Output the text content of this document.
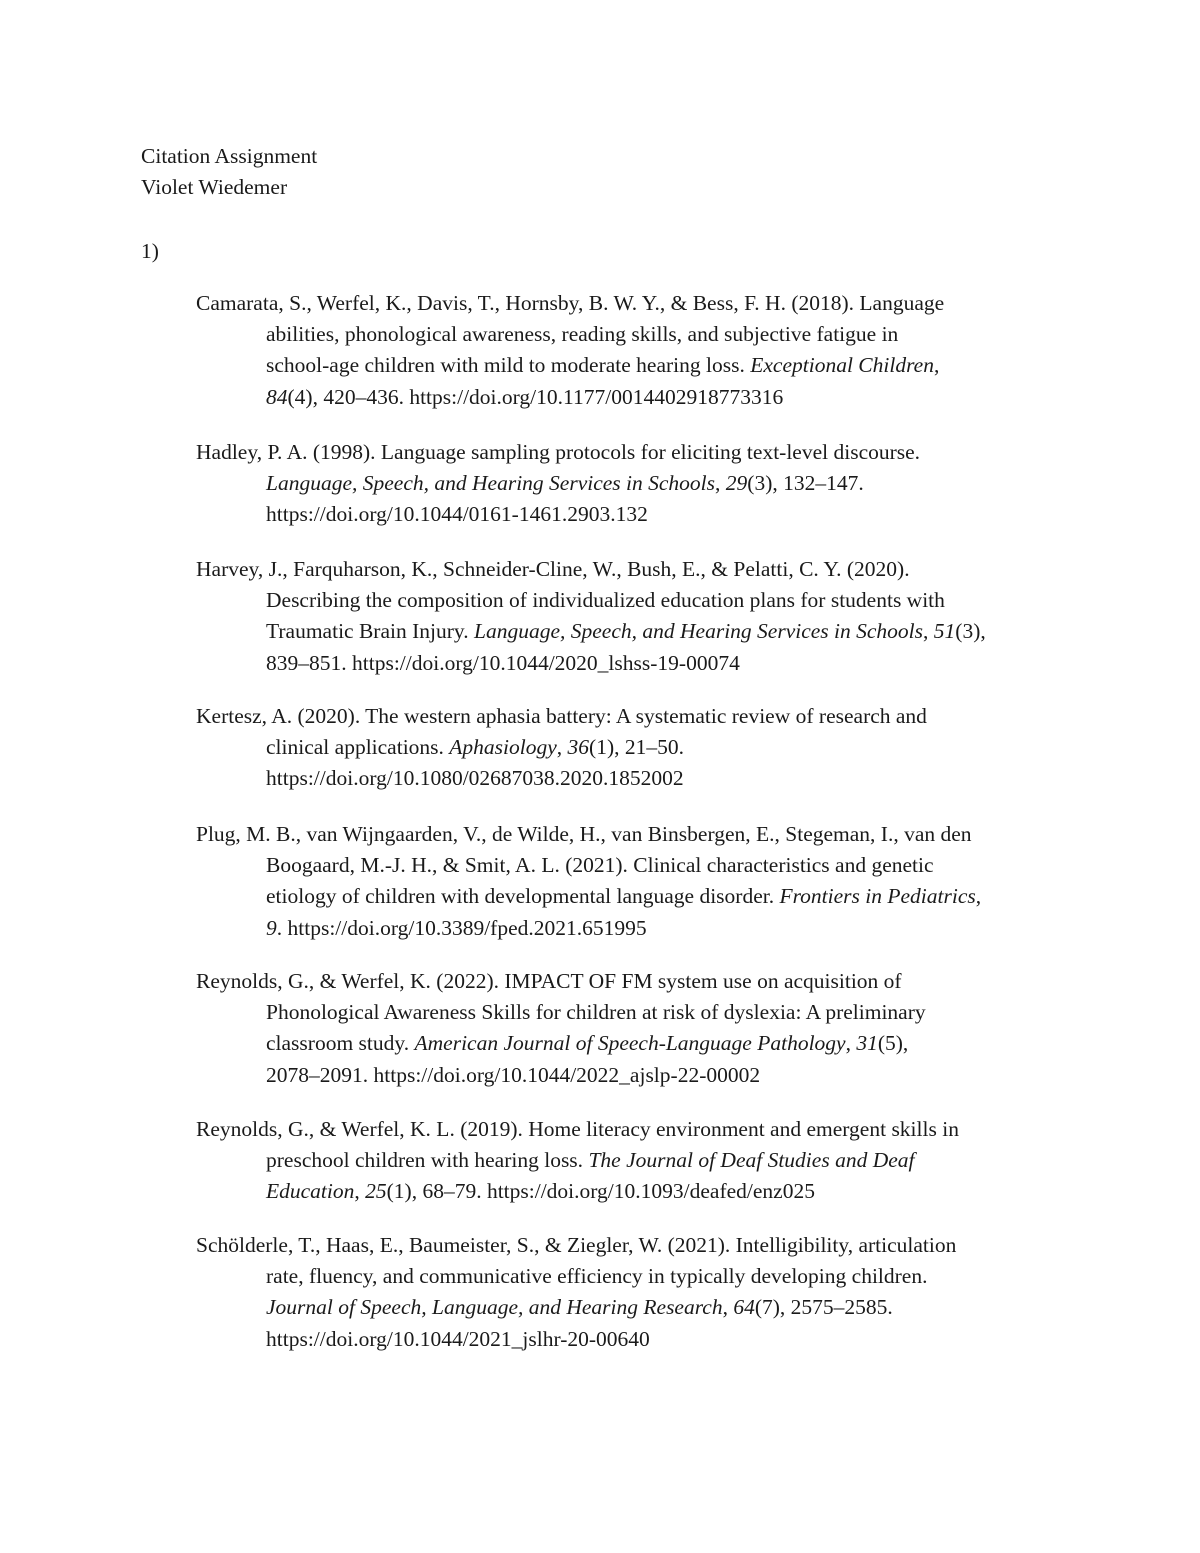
Citation Assignment
Violet Wiedemer
1)
Camarata, S., Werfel, K., Davis, T., Hornsby, B. W. Y., & Bess, F. H. (2018). Language
abilities, phonological awareness, reading skills, and subjective fatigue in
school-age children with mild to moderate hearing loss. Exceptional Children,
84(4), 420–436. https://doi.org/10.1177/0014402918773316
Hadley, P. A. (1998). Language sampling protocols for eliciting text-level discourse.
Language, Speech, and Hearing Services in Schools, 29(3), 132–147.
https://doi.org/10.1044/0161-1461.2903.132
Harvey, J., Farquharson, K., Schneider-Cline, W., Bush, E., & Pelatti, C. Y. (2020).
Describing the composition of individualized education plans for students with
Traumatic Brain Injury. Language, Speech, and Hearing Services in Schools, 51(3),
839–851. https://doi.org/10.1044/2020_lshss-19-00074
Kertesz, A. (2020). The western aphasia battery: A systematic review of research and
clinical applications. Aphasiology, 36(1), 21–50.
https://doi.org/10.1080/02687038.2020.1852002
Plug, M. B., van Wijngaarden, V., de Wilde, H., van Binsbergen, E., Stegeman, I., van den
Boogaard, M.-J. H., & Smit, A. L. (2021). Clinical characteristics and genetic
etiology of children with developmental language disorder. Frontiers in Pediatrics,
9. https://doi.org/10.3389/fped.2021.651995
Reynolds, G., & Werfel, K. (2022). IMPACT OF FM system use on acquisition of
Phonological Awareness Skills for children at risk of dyslexia: A preliminary
classroom study. American Journal of Speech-Language Pathology, 31(5),
2078–2091. https://doi.org/10.1044/2022_ajslp-22-00002
Reynolds, G., & Werfel, K. L. (2019). Home literacy environment and emergent skills in
preschool children with hearing loss. The Journal of Deaf Studies and Deaf
Education, 25(1), 68–79. https://doi.org/10.1093/deafed/enz025
Schölderle, T., Haas, E., Baumeister, S., & Ziegler, W. (2021). Intelligibility, articulation
rate, fluency, and communicative efficiency in typically developing children.
Journal of Speech, Language, and Hearing Research, 64(7), 2575–2585.
https://doi.org/10.1044/2021_jslhr-20-00640
